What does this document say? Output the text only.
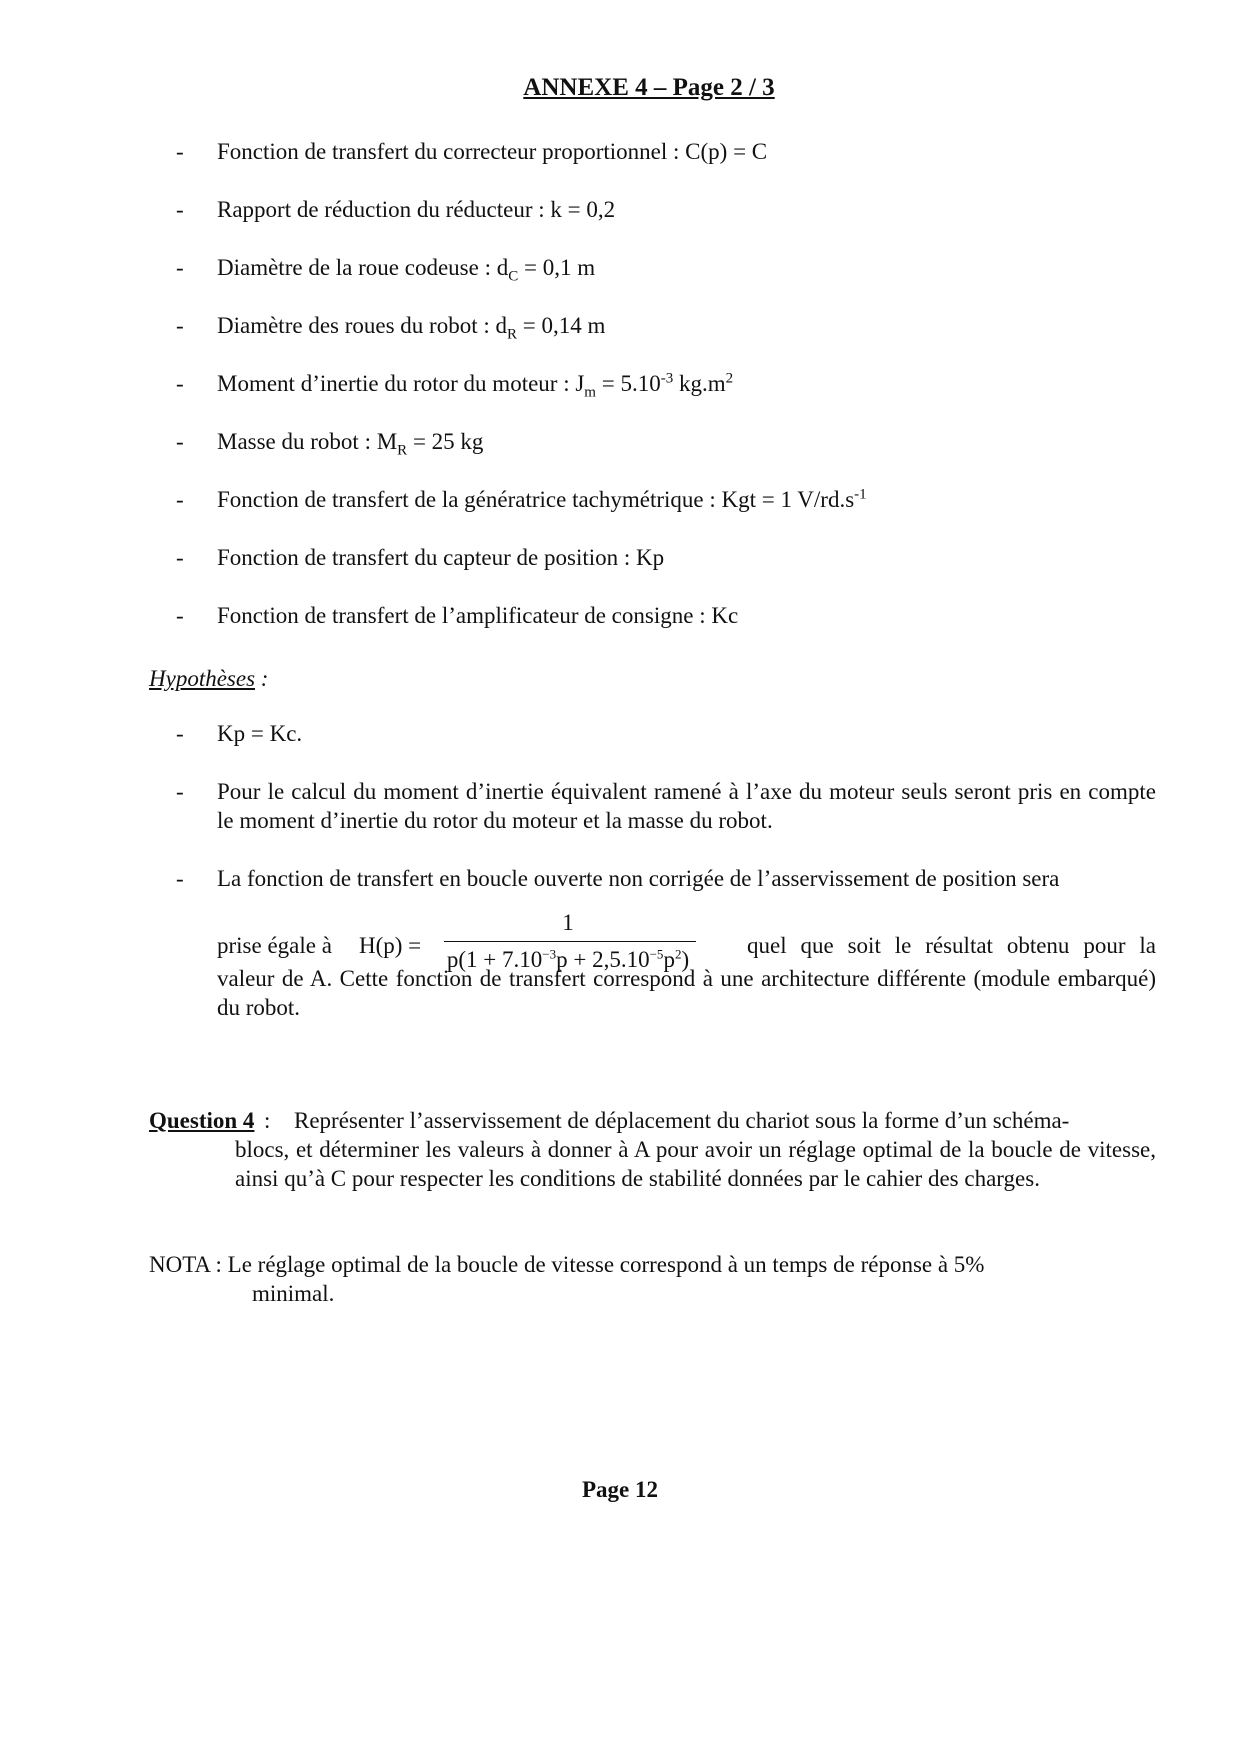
ANNEXE 4 – Page 2 / 3
-	Fonction de transfert du correcteur proportionnel : C(p) = C
-	Rapport de réduction du réducteur : k = 0,2
-	Diamètre de la roue codeuse : $d_C = 0,1$ m
-	Diamètre des roues du robot : $d_R = 0,14$ m
-	Moment d’inertie du rotor du moteur : $J_m = 5.10^{-3}$ $kg.m^2$
-	Masse du robot : $M_R = 25$ kg
-	Fonction de transfert de la génératrice tachymétrique : Kgt = 1 $V/rd.s^{-1}$
-	Fonction de transfert du capteur de position : Kp
-	Fonction de transfert de l’amplificateur de consigne : Kc
Hypothèses :
-	Kp = Kc.
-	Pour le calcul du moment d’inertie équivalent ramené à l’axe du moteur seuls seront pris en compte le moment d’inertie du rotor du moteur et la masse du robot.
-	La fonction de transfert en boucle ouverte non corrigée de l’asservissement de position sera
prise égale à H(p) =
1
$p(1 + 7.10^{-3}p + 2,5.10^{-5}p^2)$
quel que soit le résultat obtenu pour la
valeur de A. Cette fonction de transfert correspond à une architecture différente (module embarqué) du robot.
Représenter l’asservissement de déplacement du chariot sous la forme d’un schéma-
Question 4 :
blocs, et déterminer les valeurs à donner à A pour avoir un réglage optimal de la boucle de vitesse, ainsi qu’à C pour respecter les conditions de stabilité données par le cahier des charges.
NOTA : Le réglage optimal de la boucle de vitesse correspond à un temps de réponse à 5%
minimal.
Page 12
